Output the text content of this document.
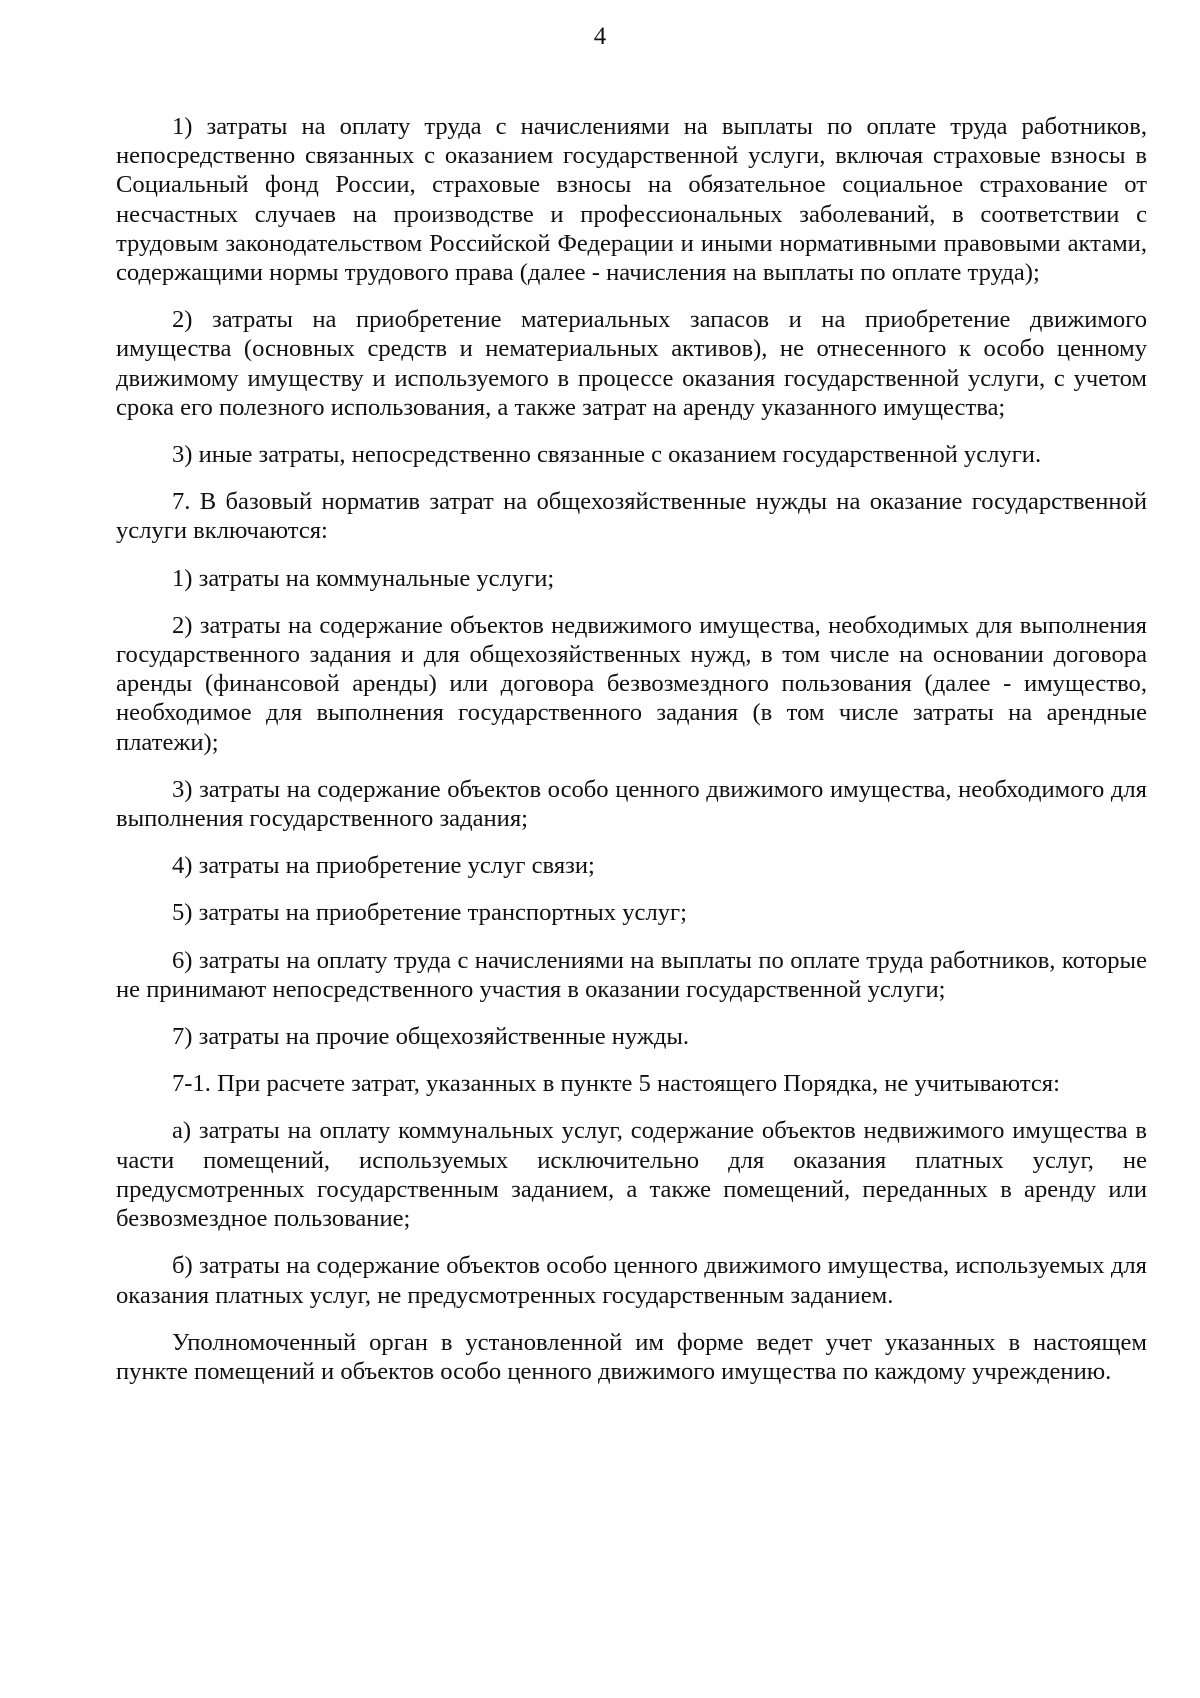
4

1) затраты на оплату труда с начислениями на выплаты по оплате труда работников, непосредственно связанных с оказанием государственной услуги, включая страховые взносы в Социальный фонд России, страховые взносы на обязательное социальное страхование от несчастных случаев на производстве и профессиональных заболеваний, в соответствии с трудовым законодательством Российской Федерации и иными нормативными правовыми актами, содержащими нормы трудового права (далее - начисления на выплаты по оплате труда);

2) затраты на приобретение материальных запасов и на приобретение движимого имущества (основных средств и нематериальных активов), не отнесенного к особо ценному движимому имуществу и используемого в процессе оказания государственной услуги, с учетом срока его полезного использования, а также затрат на аренду указанного имущества;

3) иные затраты, непосредственно связанные с оказанием государственной услуги.

7. В базовый норматив затрат на общехозяйственные нужды на оказание государственной услуги включаются:

1) затраты на коммунальные услуги;

2) затраты на содержание объектов недвижимого имущества, необходимых для выполнения государственного задания и для общехозяйственных нужд, в том числе на основании договора аренды (финансовой аренды) или договора безвозмездного пользования (далее - имущество, необходимое для выполнения государственного задания (в том числе затраты на арендные платежи);

3) затраты на содержание объектов особо ценного движимого имущества, необходимого для выполнения государственного задания;

4) затраты на приобретение услуг связи;

5) затраты на приобретение транспортных услуг;

6) затраты на оплату труда с начислениями на выплаты по оплате труда работников, которые не принимают непосредственного участия в оказании государственной услуги;

7) затраты на прочие общехозяйственные нужды.

7-1. При расчете затрат, указанных в пункте 5 настоящего Порядка, не учитываются:

а) затраты на оплату коммунальных услуг, содержание объектов недвижимого имущества в части помещений, используемых исключительно для оказания платных услуг, не предусмотренных государственным заданием, а также помещений, переданных в аренду или безвозмездное пользование;

б) затраты на содержание объектов особо ценного движимого имущества, используемых для оказания платных услуг, не предусмотренных государственным заданием.

Уполномоченный орган в установленной им форме ведет учет указанных в настоящем пункте помещений и объектов особо ценного движимого имущества по каждому учреждению.
